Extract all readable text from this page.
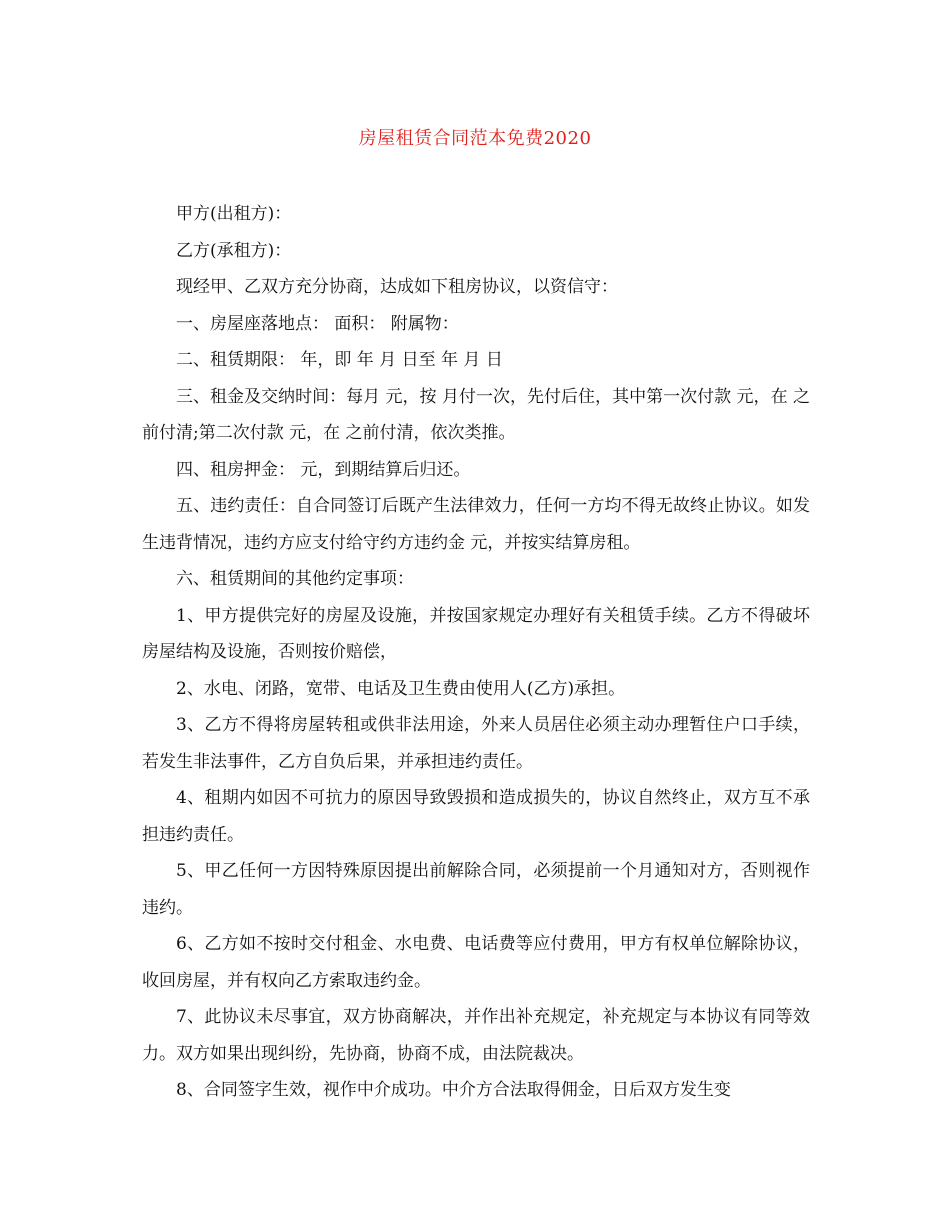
房屋租赁合同范本免费2020

甲方(出租方)：

乙方(承租方)：

现经甲、乙双方充分协商，达成如下租房协议，以资信守：

一、房屋座落地点： 面积： 附属物：

二、租赁期限： 年，即 年 月 日至 年 月 日

三、租金及交纳时间：每月 元，按 月付一次，先付后住，其中第一次付款 元，在 之前付清;第二次付款 元，在 之前付清，依次类推。

四、租房押金： 元，到期结算后归还。

五、违约责任：自合同签订后既产生法律效力，任何一方均不得无故终止协议。如发生违背情况，违约方应支付给守约方违约金 元，并按实结算房租。

六、租赁期间的其他约定事项：

1、甲方提供完好的房屋及设施，并按国家规定办理好有关租赁手续。乙方不得破坏房屋结构及设施，否则按价赔偿，

2、水电、闭路，宽带、电话及卫生费由使用人(乙方)承担。

3、乙方不得将房屋转租或供非法用途，外来人员居住必须主动办理暂住户口手续，若发生非法事件，乙方自负后果，并承担违约责任。

4、租期内如因不可抗力的原因导致毁损和造成损失的，协议自然终止，双方互不承担违约责任。

5、甲乙任何一方因特殊原因提出前解除合同，必须提前一个月通知对方，否则视作违约。

6、乙方如不按时交付租金、水电费、电话费等应付费用，甲方有权单位解除协议，收回房屋，并有权向乙方索取违约金。

7、此协议未尽事宜，双方协商解决，并作出补充规定，补充规定与本协议有同等效力。双方如果出现纠纷，先协商，协商不成，由法院裁决。

8、合同签字生效，视作中介成功。中介方合法取得佣金，日后双方发生变
